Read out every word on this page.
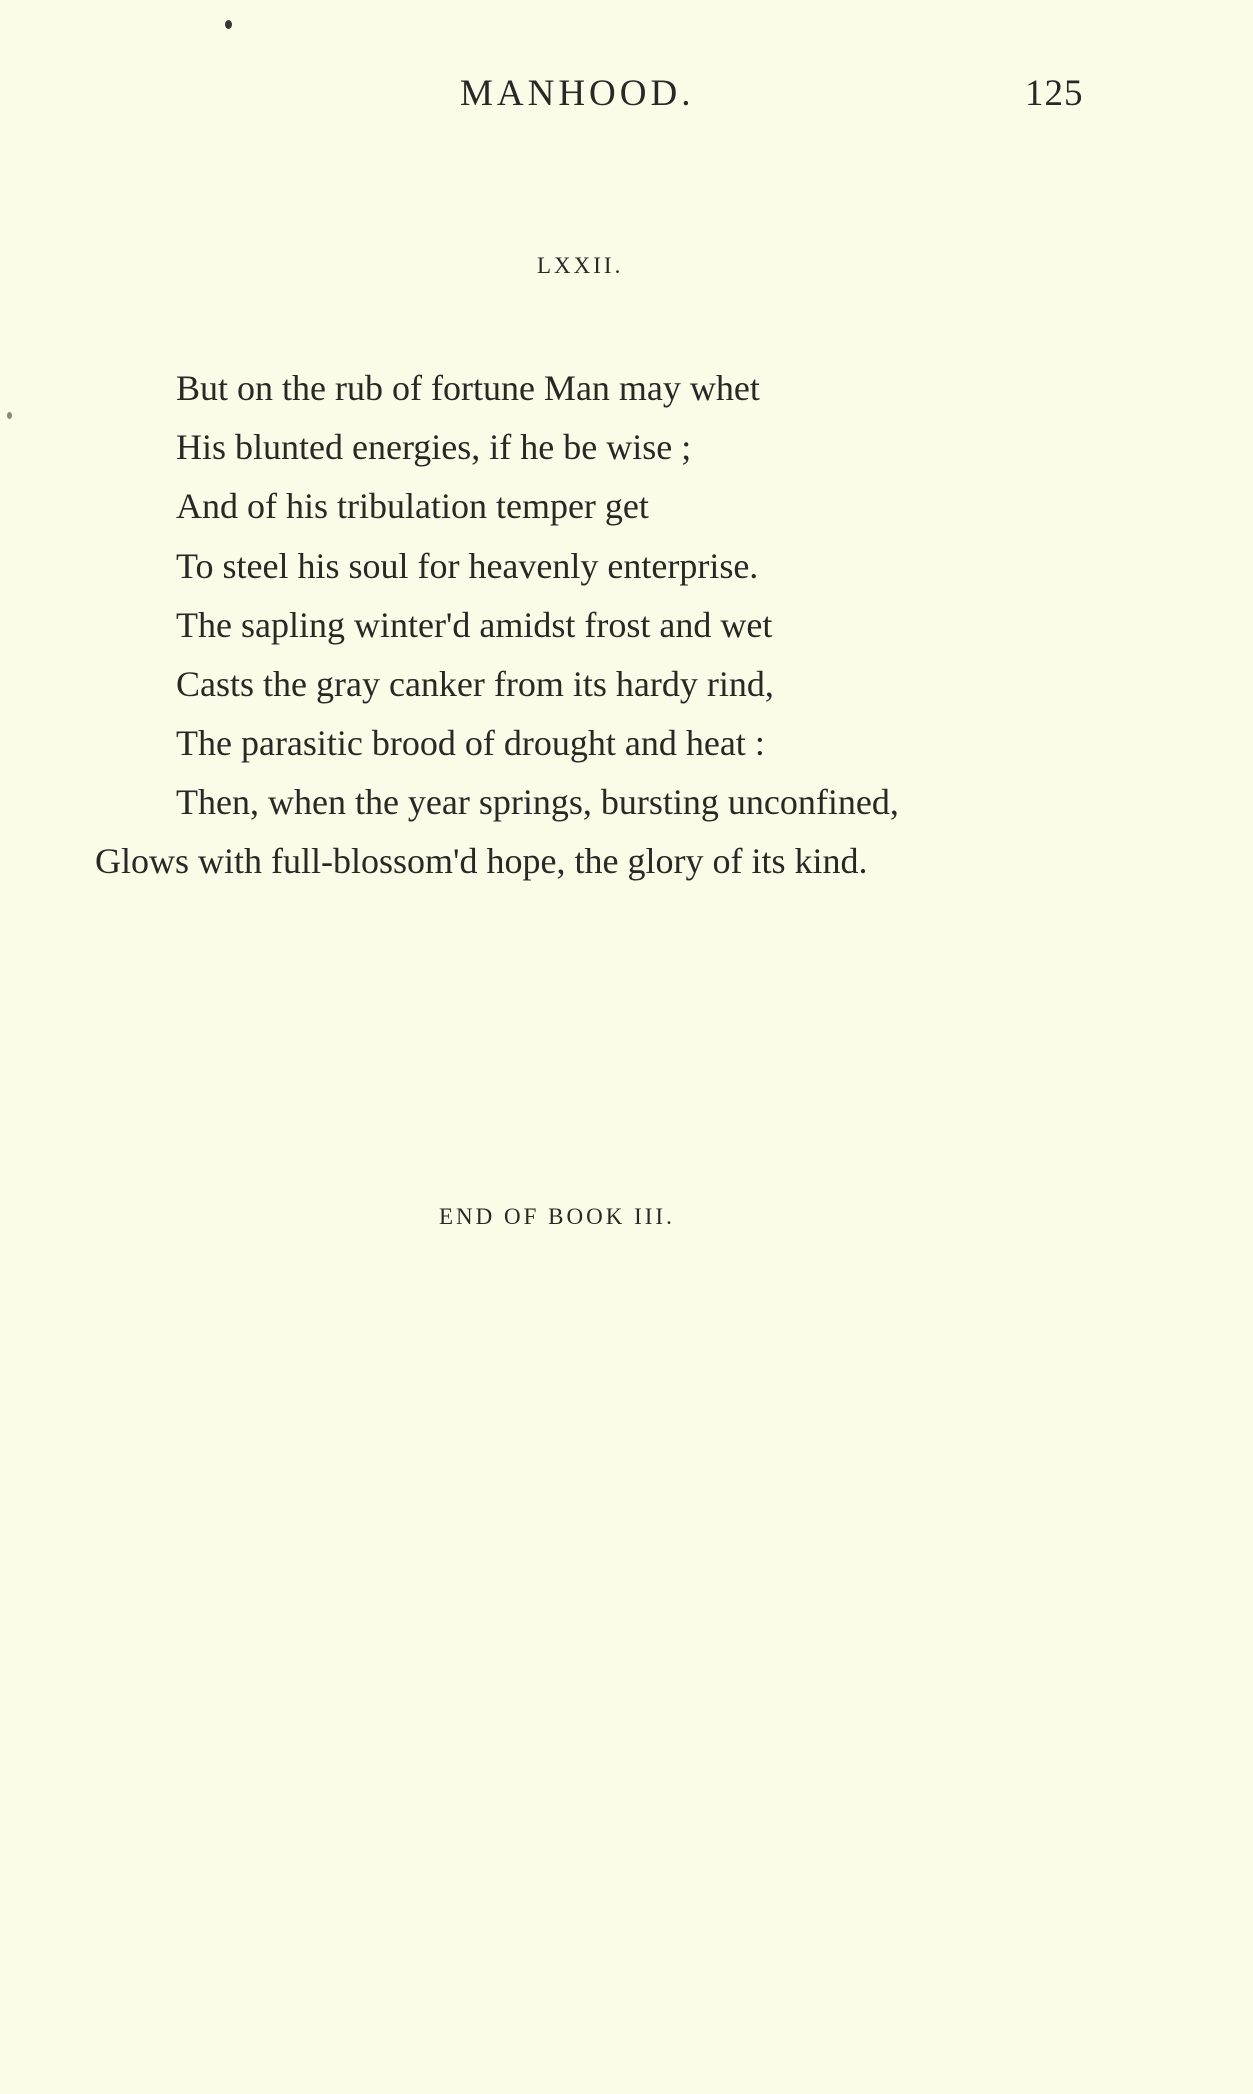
MANHOOD.	125
LXXII.
But on the rub of fortune Man may whet
His blunted energies, if he be wise ;
And of his tribulation temper get
To steel his soul for heavenly enterprise.
The sapling winter'd amidst frost and wet
Casts the gray canker from its hardy rind,
The parasitic brood of drought and heat :
Then, when the year springs, bursting unconfined,
Glows with full-blossom'd hope, the glory of its kind.
END OF BOOK III.
